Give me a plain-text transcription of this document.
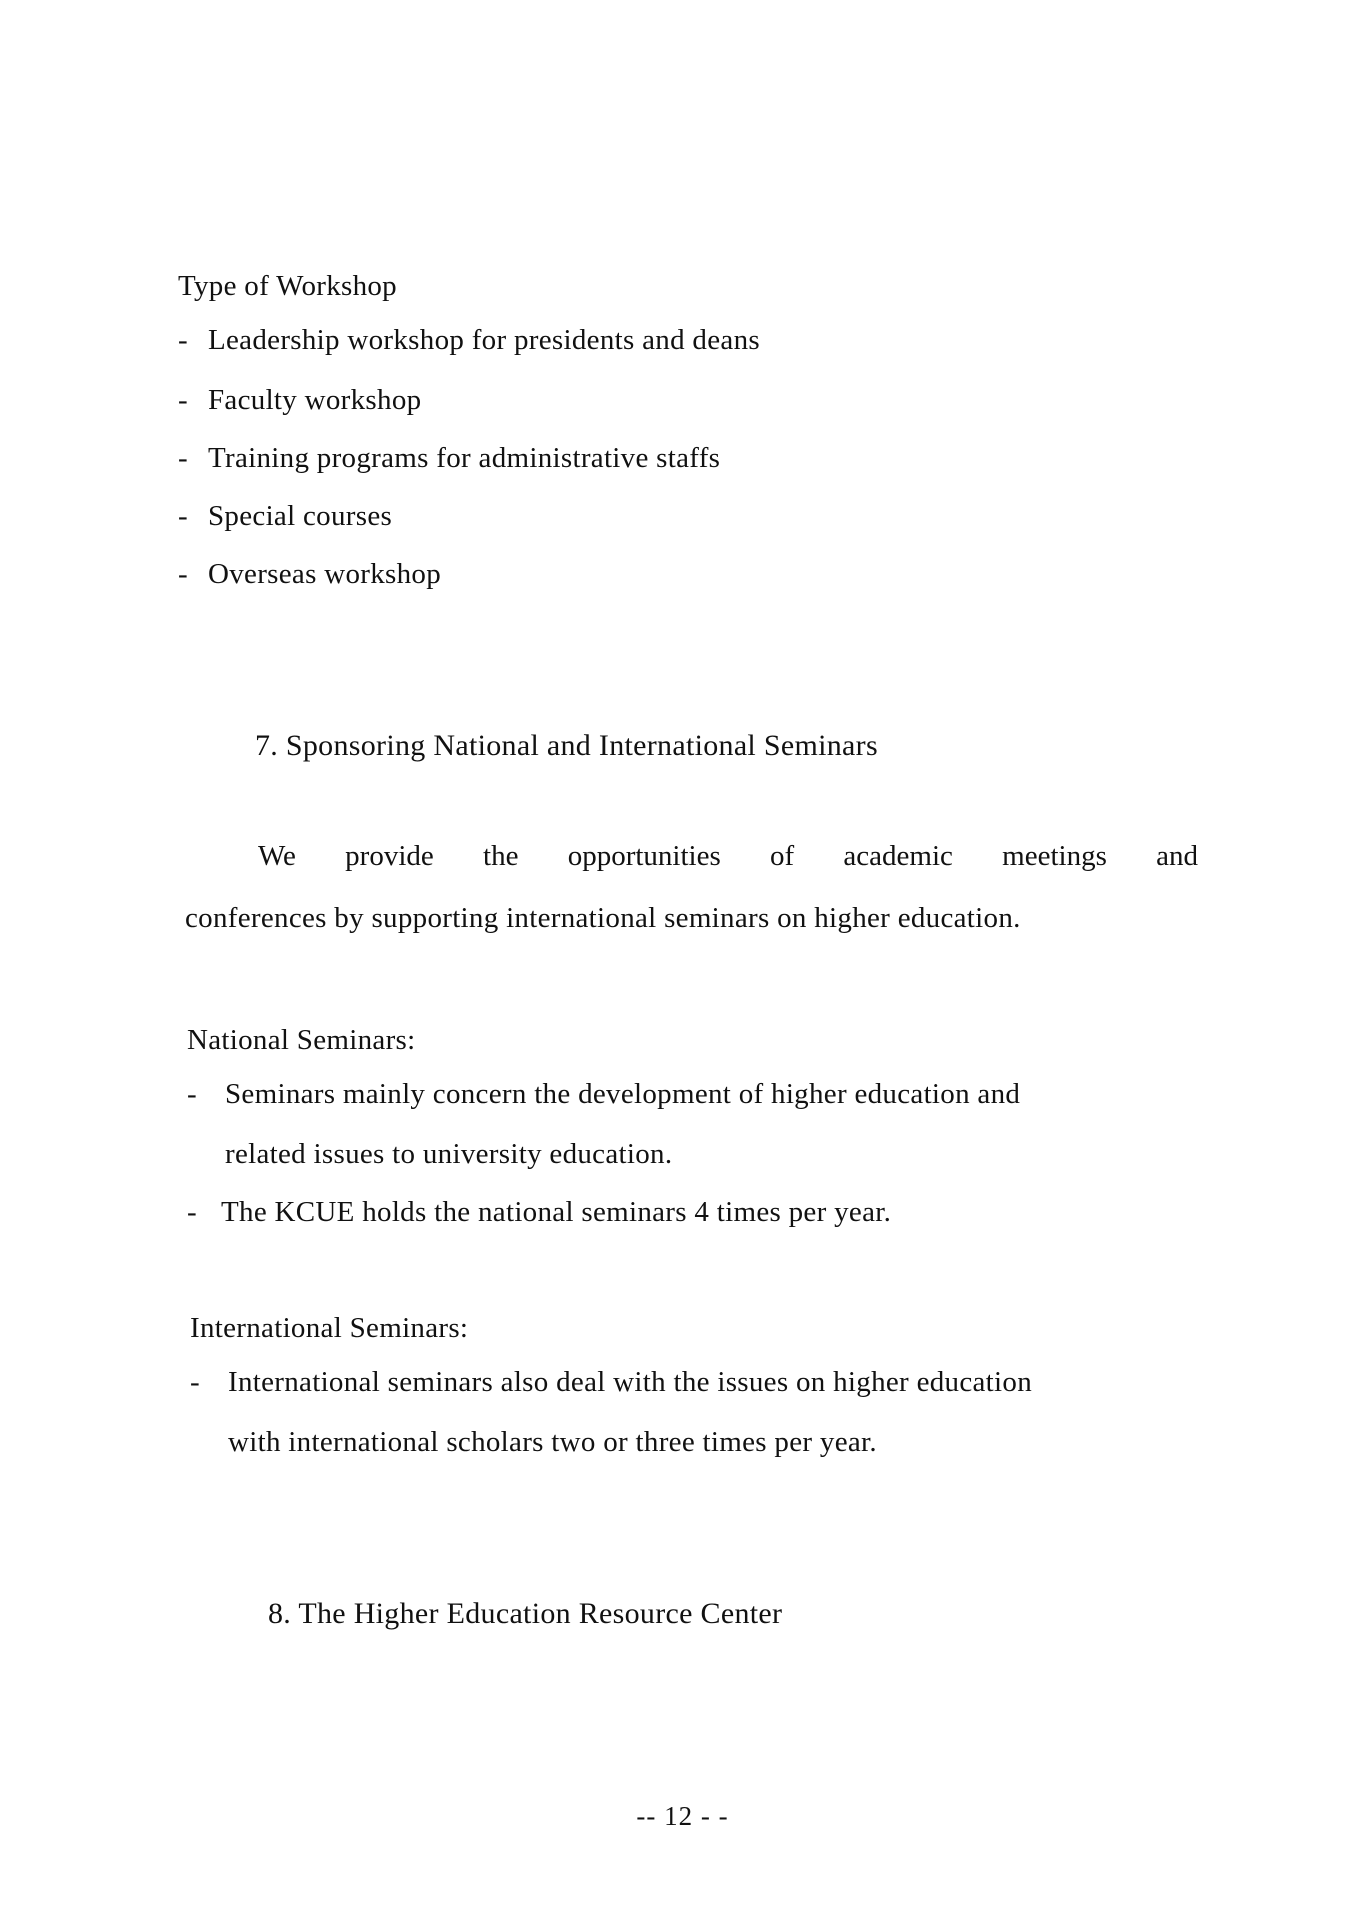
Type of Workshop
- Leadership workshop for presidents and deans
- Faculty workshop
- Training programs for administrative staffs
- Special courses
- Overseas workshop
7. Sponsoring National and International Seminars
We provide the opportunities of academic meetings and
conferences by supporting international seminars on higher education.
National Seminars:
- Seminars mainly concern the development of higher education and
related issues to university education.
- The KCUE holds the national seminars 4 times per year.
International Seminars:
- International seminars also deal with the issues on higher education
with international scholars two or three times per year.
8. The Higher Education Resource Center
-- 12 - -
